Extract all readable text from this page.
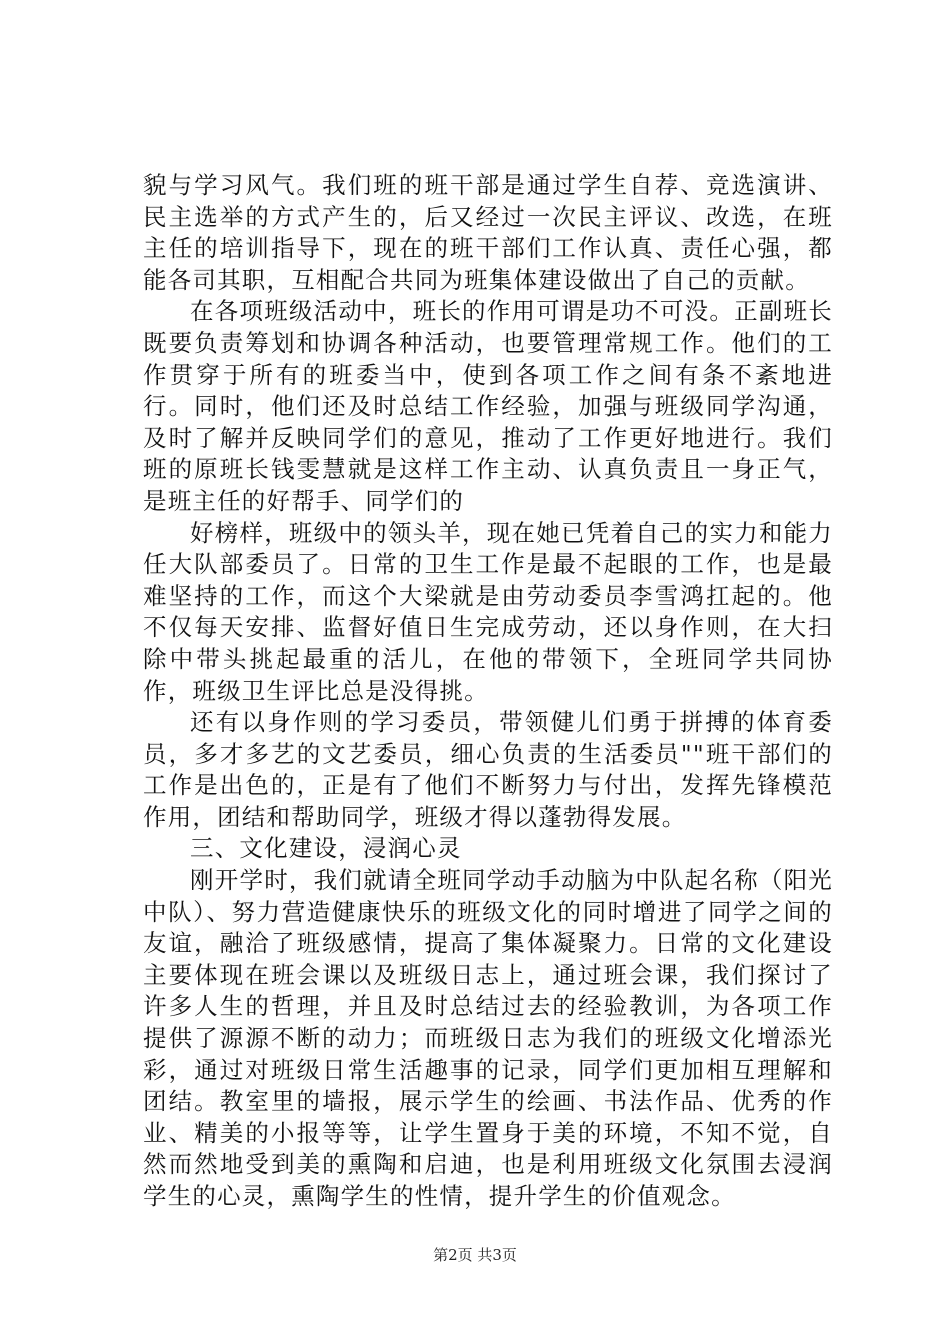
貌与学习风气。我们班的班干部是通过学生自荐、竞选演讲、民主选举的方式产生的，后又经过一次民主评议、改选，在班主任的培训指导下，现在的班干部们工作认真、责任心强，都能各司其职，互相配合共同为班集体建设做出了自己的贡献。

在各项班级活动中，班长的作用可谓是功不可没。正副班长既要负责筹划和协调各种活动，也要管理常规工作。他们的工作贯穿于所有的班委当中，使到各项工作之间有条不紊地进行。同时，他们还及时总结工作经验，加强与班级同学沟通，及时了解并反映同学们的意见，推动了工作更好地进行。我们班的原班长钱雯慧就是这样工作主动、认真负责且一身正气，是班主任的好帮手、同学们的

好榜样，班级中的领头羊，现在她已凭着自己的实力和能力任大队部委员了。日常的卫生工作是最不起眼的工作，也是最难坚持的工作，而这个大梁就是由劳动委员李雪鸿扛起的。他不仅每天安排、监督好值日生完成劳动，还以身作则，在大扫除中带头挑起最重的活儿，在他的带领下，全班同学共同协作，班级卫生评比总是没得挑。

还有以身作则的学习委员，带领健儿们勇于拼搏的体育委员，多才多艺的文艺委员，细心负责的生活委员""班干部们的工作是出色的，正是有了他们不断努力与付出，发挥先锋模范作用，团结和帮助同学，班级才得以蓬勃得发展。

三、文化建设，浸润心灵

刚开学时，我们就请全班同学动手动脑为中队起名称（阳光中队）、努力营造健康快乐的班级文化的同时增进了同学之间的友谊，融洽了班级感情，提高了集体凝聚力。日常的文化建设主要体现在班会课以及班级日志上，通过班会课，我们探讨了许多人生的哲理，并且及时总结过去的经验教训，为各项工作提供了源源不断的动力；而班级日志为我们的班级文化增添光彩，通过对班级日常生活趣事的记录，同学们更加相互理解和团结。教室里的墙报，展示学生的绘画、书法作品、优秀的作业、精美的小报等等，让学生置身于美的环境，不知不觉，自然而然地受到美的熏陶和启迪，也是利用班级文化氛围去浸润学生的心灵，熏陶学生的性情，提升学生的价值观念。

第2页 共3页
